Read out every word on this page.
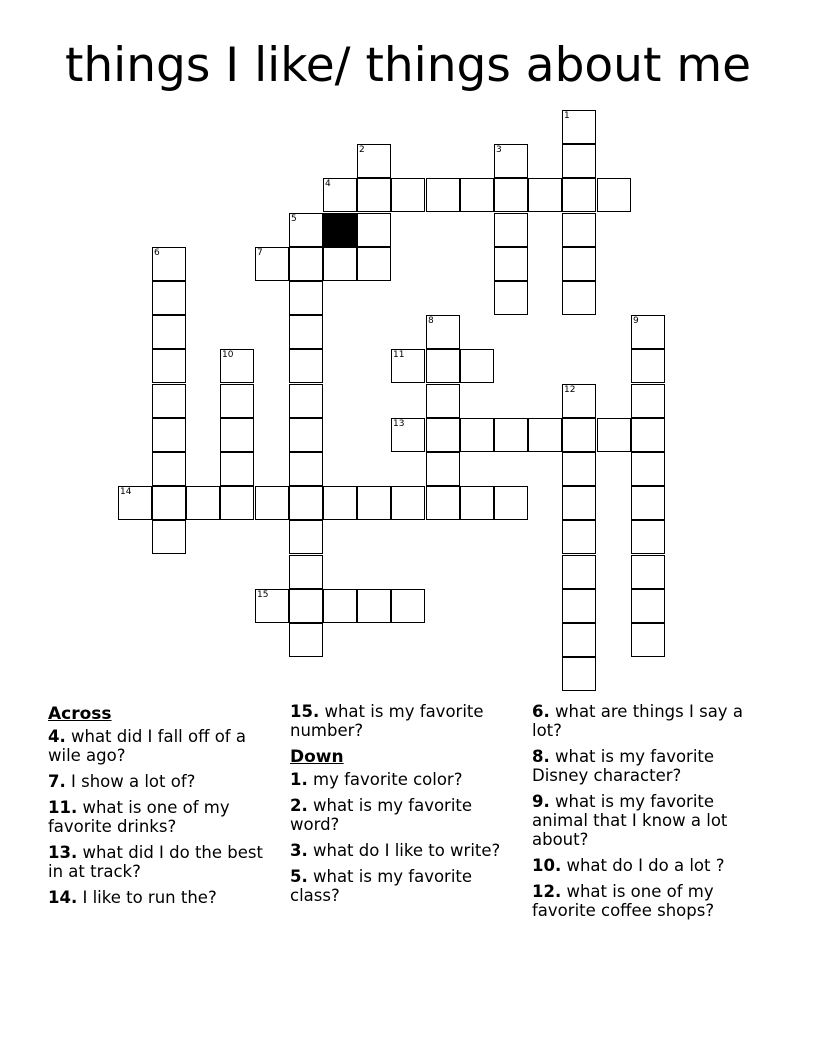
things I like/ things about me
1
2	3
4
5
6	7
8	9
10	11
12
13
14
15
Across
4. what did I fall off of a wile ago?
7. I show a lot of?
11. what is one of my favorite drinks?
13. what did I do the best in at track?
14. I like to run the?
15. what is my favorite number?
Down
1. my favorite color?
2. what is my favorite word?
3. what do I like to write?
5. what is my favorite class?
6. what are things I say a lot?
8. what is my favorite Disney character?
9. what is my favorite animal that I know a lot about?
10. what do I do a lot ?
12. what is one of my favorite coffee shops?
